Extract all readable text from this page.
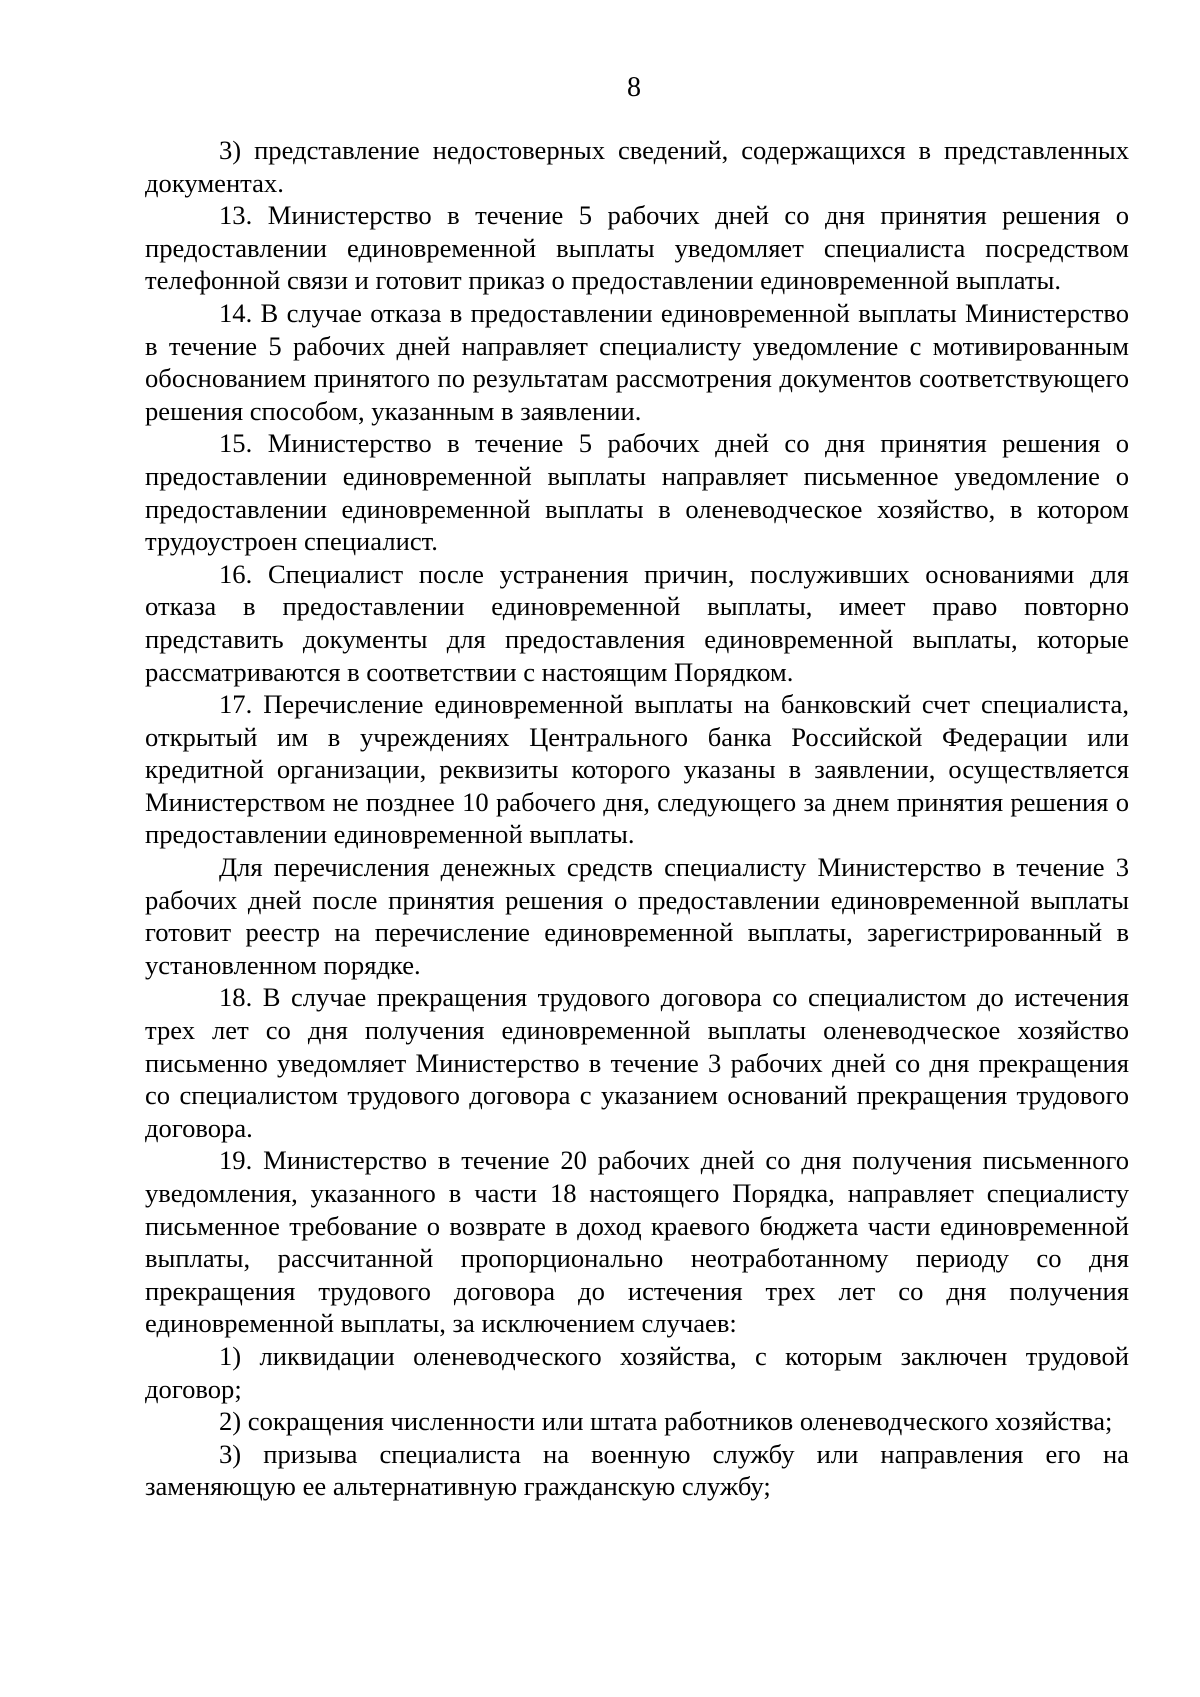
8

3) представление недостоверных сведений, содержащихся в представленных документах.

13. Министерство в течение 5 рабочих дней со дня принятия решения о предоставлении единовременной выплаты уведомляет специалиста посредством телефонной связи и готовит приказ о предоставлении единовременной выплаты.

14. В случае отказа в предоставлении единовременной выплаты Министерство в течение 5 рабочих дней направляет специалисту уведомление с мотивированным обоснованием принятого по результатам рассмотрения документов соответствующего решения способом, указанным в заявлении.

15. Министерство в течение 5 рабочих дней со дня принятия решения о предоставлении единовременной выплаты направляет письменное уведомление о предоставлении единовременной выплаты в оленеводческое хозяйство, в котором трудоустроен специалист.

16. Специалист после устранения причин, послуживших основаниями для отказа в предоставлении единовременной выплаты, имеет право повторно представить документы для предоставления единовременной выплаты, которые рассматриваются в соответствии с настоящим Порядком.

17. Перечисление единовременной выплаты на банковский счет специалиста, открытый им в учреждениях Центрального банка Российской Федерации или кредитной организации, реквизиты которого указаны в заявлении, осуществляется Министерством не позднее 10 рабочего дня, следующего за днем принятия решения о предоставлении единовременной выплаты.

Для перечисления денежных средств специалисту Министерство в течение 3 рабочих дней после принятия решения о предоставлении единовременной выплаты готовит реестр на перечисление единовременной выплаты, зарегистрированный в установленном порядке.

18. В случае прекращения трудового договора со специалистом до истечения трех лет со дня получения единовременной выплаты оленеводческое хозяйство письменно уведомляет Министерство в течение 3 рабочих дней со дня прекращения со специалистом трудового договора с указанием оснований прекращения трудового договора.

19. Министерство в течение 20 рабочих дней со дня получения письменного уведомления, указанного в части 18 настоящего Порядка, направляет специалисту письменное требование о возврате в доход краевого бюджета части единовременной выплаты, рассчитанной пропорционально неотработанному периоду со дня прекращения трудового договора до истечения трех лет со дня получения единовременной выплаты, за исключением случаев:

1) ликвидации оленеводческого хозяйства, с которым заключен трудовой договор;

2) сокращения численности или штата работников оленеводческого хозяйства;

3) призыва специалиста на военную службу или направления его на заменяющую ее альтернативную гражданскую службу;
